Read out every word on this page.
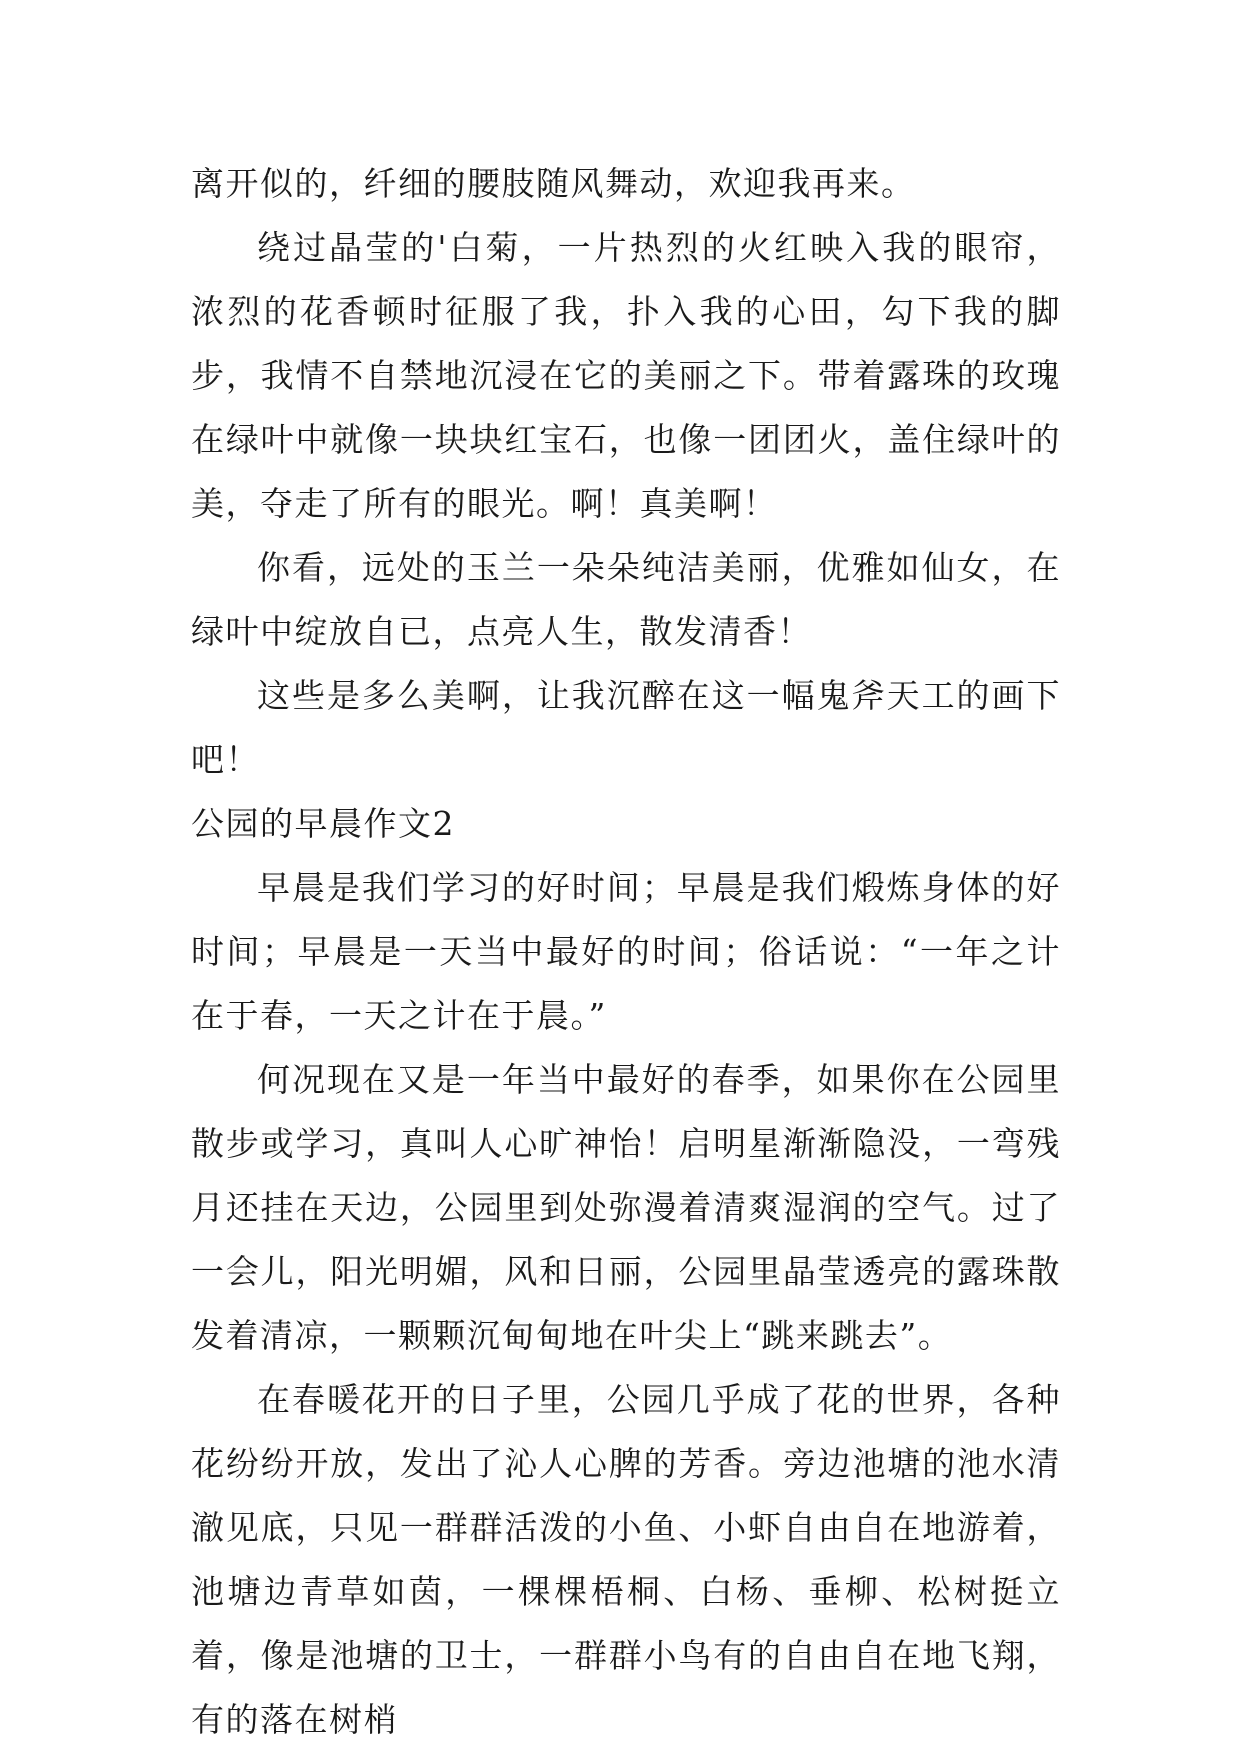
离开似的，纤细的腰肢随风舞动，欢迎我再来。

绕过晶莹的'白菊，一片热烈的火红映入我的眼帘，浓烈的花香顿时征服了我，扑入我的心田，勾下我的脚步，我情不自禁地沉浸在它的美丽之下。带着露珠的玫瑰在绿叶中就像一块块红宝石，也像一团团火，盖住绿叶的美，夺走了所有的眼光。啊！真美啊！

你看，远处的玉兰一朵朵纯洁美丽，优雅如仙女，在绿叶中绽放自已，点亮人生，散发清香！

这些是多么美啊，让我沉醉在这一幅鬼斧天工的画下吧！

公园的早晨作文2

早晨是我们学习的好时间；早晨是我们煅炼身体的好时间；早晨是一天当中最好的时间；俗话说：“一年之计在于春，一天之计在于晨。”

何况现在又是一年当中最好的春季，如果你在公园里散步或学习，真叫人心旷神怡！启明星渐渐隐没，一弯残月还挂在天边，公园里到处弥漫着清爽湿润的空气。过了一会儿，阳光明媚，风和日丽，公园里晶莹透亮的露珠散发着清凉，一颗颗沉甸甸地在叶尖上“跳来跳去”。

在春暖花开的日子里，公园几乎成了花的世界，各种花纷纷开放，发出了沁人心脾的芳香。旁边池塘的池水清澈见底，只见一群群活泼的小鱼、小虾自由自在地游着，池塘边青草如茵，一棵棵梧桐、白杨、垂柳、松树挺立着，像是池塘的卫士，一群群小鸟有的自由自在地飞翔，有的落在树梢
